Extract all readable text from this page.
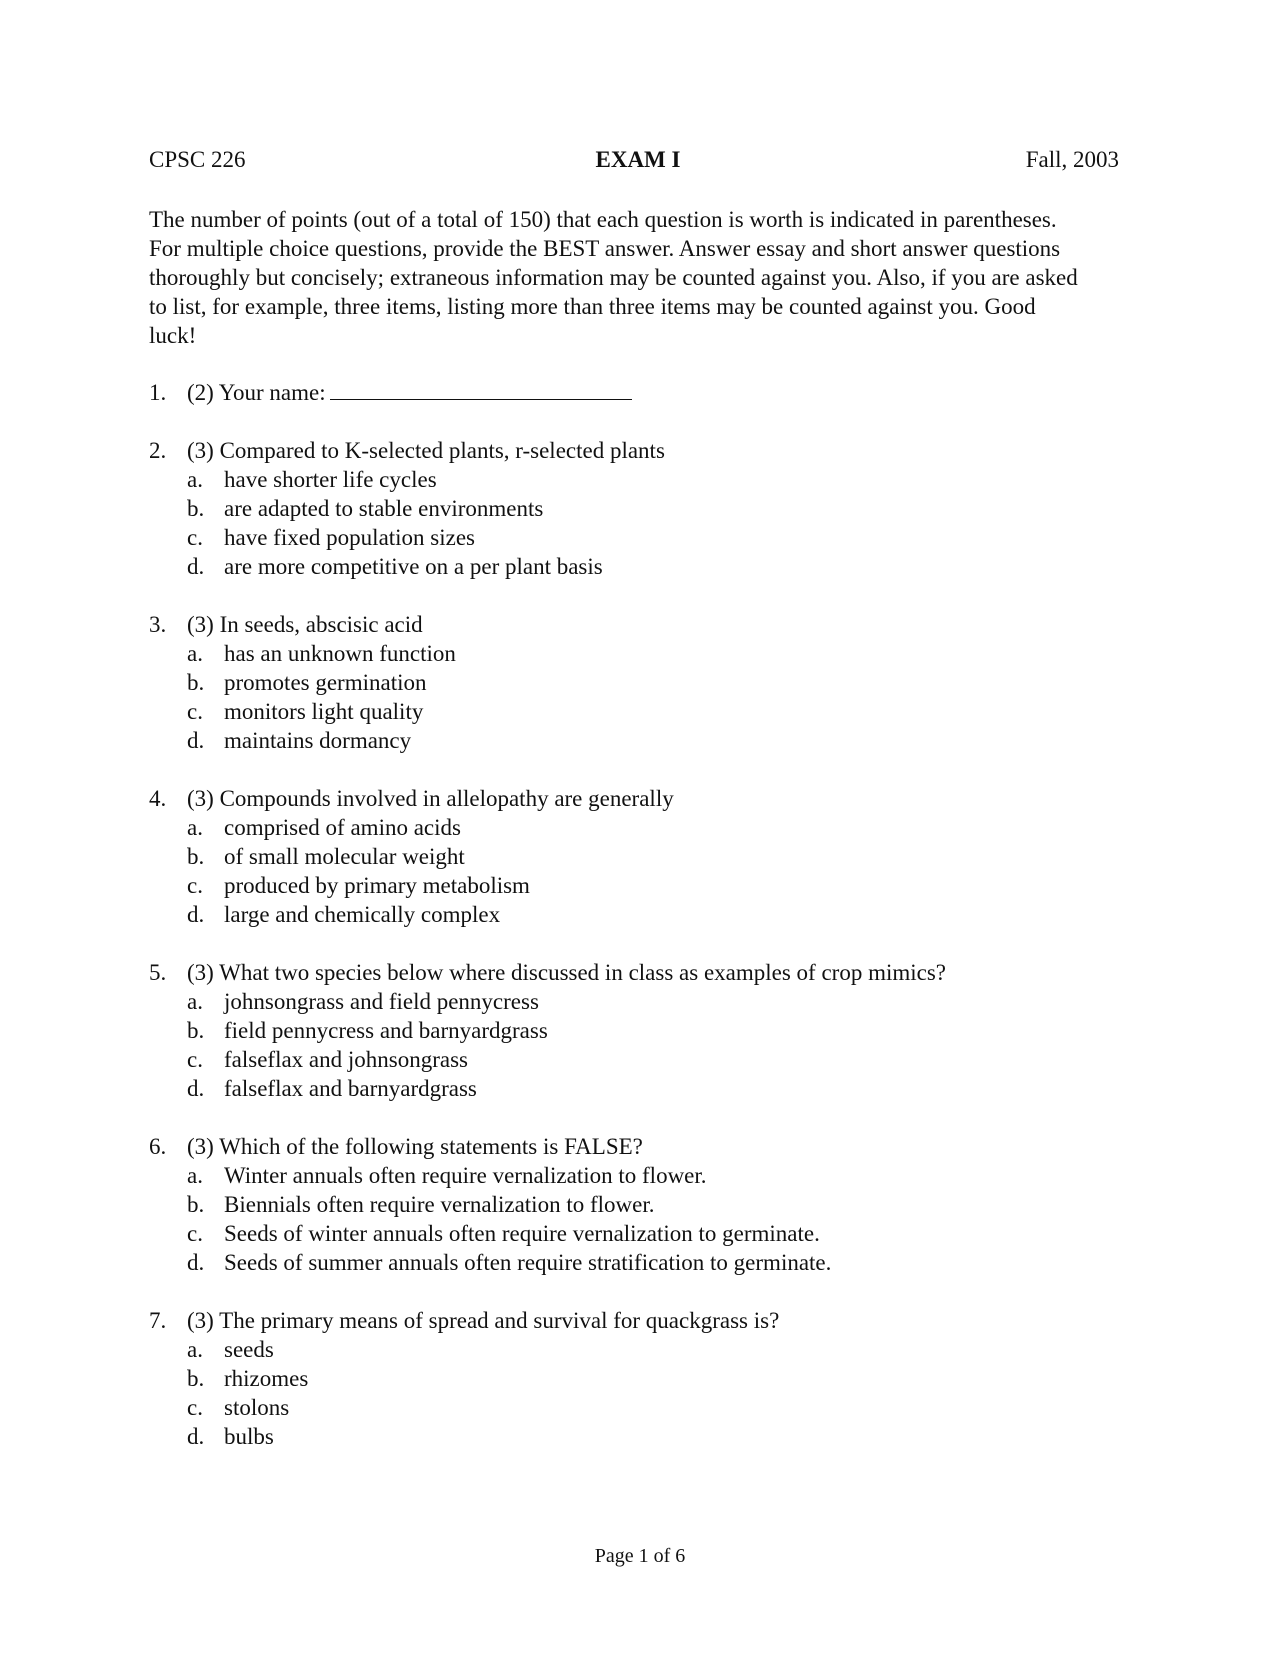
CPSC 226	EXAM I	Fall, 2003
The number of points (out of a total of 150) that each question is worth is indicated in parentheses.
For multiple choice questions, provide the BEST answer. Answer essay and short answer questions
thoroughly but concisely; extraneous information may be counted against you. Also, if you are asked
to list, for example, three items, listing more than three items may be counted against you. Good
luck!
1. (2) Your name:
2. (3) Compared to K-selected plants, r-selected plants
a. have shorter life cycles
b. are adapted to stable environments
c. have fixed population sizes
d. are more competitive on a per plant basis
3. (3) In seeds, abscisic acid
a. has an unknown function
b. promotes germination
c. monitors light quality
d. maintains dormancy
4. (3) Compounds involved in allelopathy are generally
a. comprised of amino acids
b. of small molecular weight
c. produced by primary metabolism
d. large and chemically complex
5. (3) What two species below where discussed in class as examples of crop mimics?
a. johnsongrass and field pennycress
b. field pennycress and barnyardgrass
c. falseflax and johnsongrass
d. falseflax and barnyardgrass
6. (3) Which of the following statements is FALSE?
a. Winter annuals often require vernalization to flower.
b. Biennials often require vernalization to flower.
c. Seeds of winter annuals often require vernalization to germinate.
d. Seeds of summer annuals often require stratification to germinate.
7. (3) The primary means of spread and survival for quackgrass is?
a. seeds
b. rhizomes
c. stolons
d. bulbs
Page 1 of 6
